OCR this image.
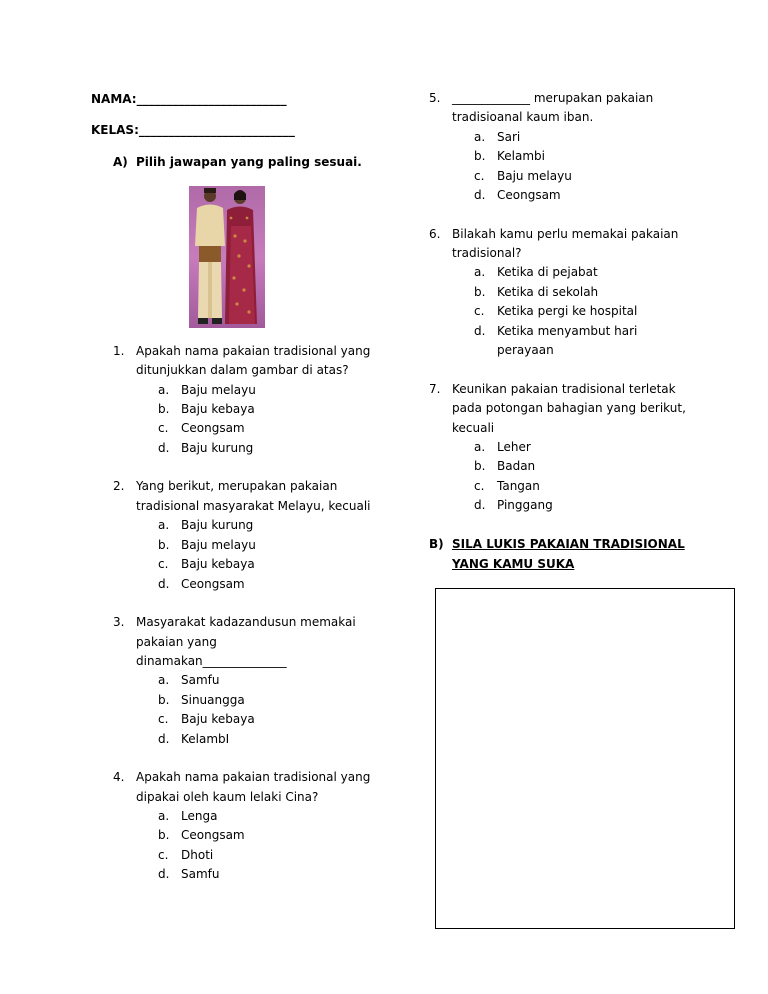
NAMA:_________________________
KELAS:__________________________
A) Pilih jawapan yang paling sesuai.
1. Apakah nama pakaian tradisional yang
ditunjukkan dalam gambar di atas?
a. Baju melayu
b. Baju kebaya
c. Ceongsam
d. Baju kurung
2. Yang berikut, merupakan pakaian
tradisional masyarakat Melayu, kecuali
a. Baju kurung
b. Baju melayu
c. Baju kebaya
d. Ceongsam
3. Masyarakat kadazandusun memakai
pakaian yang
dinamakan______________
a. Samfu
b. Sinuangga
c. Baju kebaya
d. KelambI
4. Apakah nama pakaian tradisional yang
dipakai oleh kaum lelaki Cina?
a. Lenga
b. Ceongsam
c. Dhoti
d. Samfu
5. _____________ merupakan pakaian
tradisioanal kaum iban.
a. Sari
b. Kelambi
c. Baju melayu
d. Ceongsam
6. Bilakah kamu perlu memakai pakaian
tradisional?
a. Ketika di pejabat
b. Ketika di sekolah
c. Ketika pergi ke hospital
d. Ketika menyambut hari
perayaan
7. Keunikan pakaian tradisional terletak
pada potongan bahagian yang berikut,
kecuali
a. Leher
b. Badan
c. Tangan
d. Pinggang
B) SILA LUKIS PAKAIAN TRADISIONAL
YANG KAMU SUKA
